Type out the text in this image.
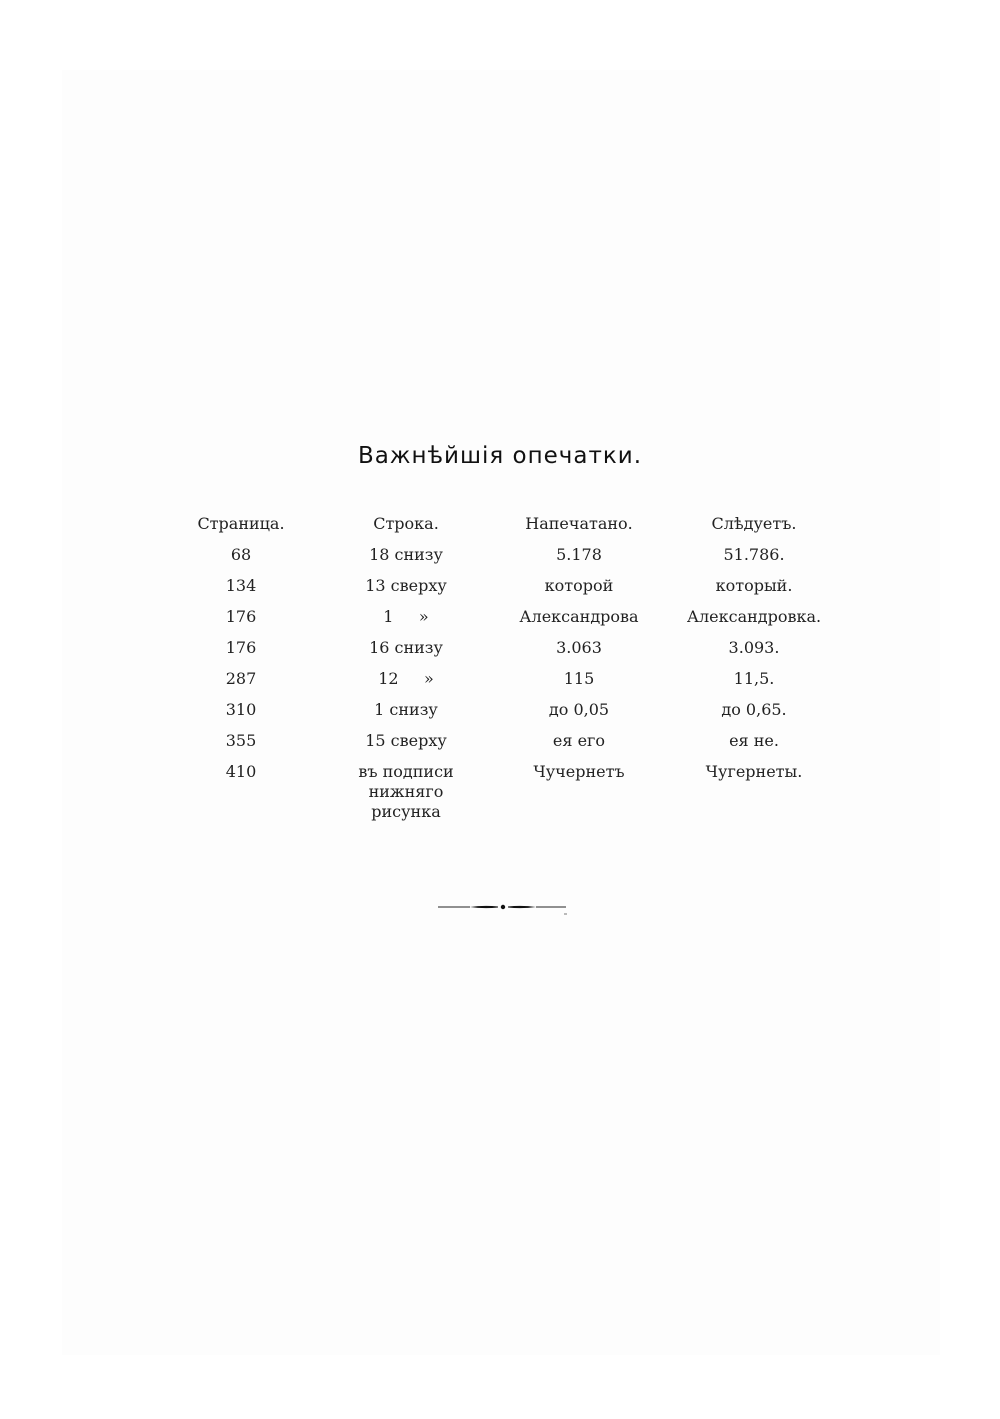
Важнѣйшія опечатки.
Страница.	Строка.	Напечатано.	Слѣдуетъ.
68	18 снизу	5.178	51.786.
134	13 сверху	которой	который.
176	1     »	Александрова	Александровка.
176	16 снизу	3.063	3.093.
287	12     »	115	11,5.
310	1 снизу	до 0,05	до 0,65.
355	15 сверху	ея его	ея не.
410	въ подписи нижняго рисунка	Чучернетъ	Чугернеты.
